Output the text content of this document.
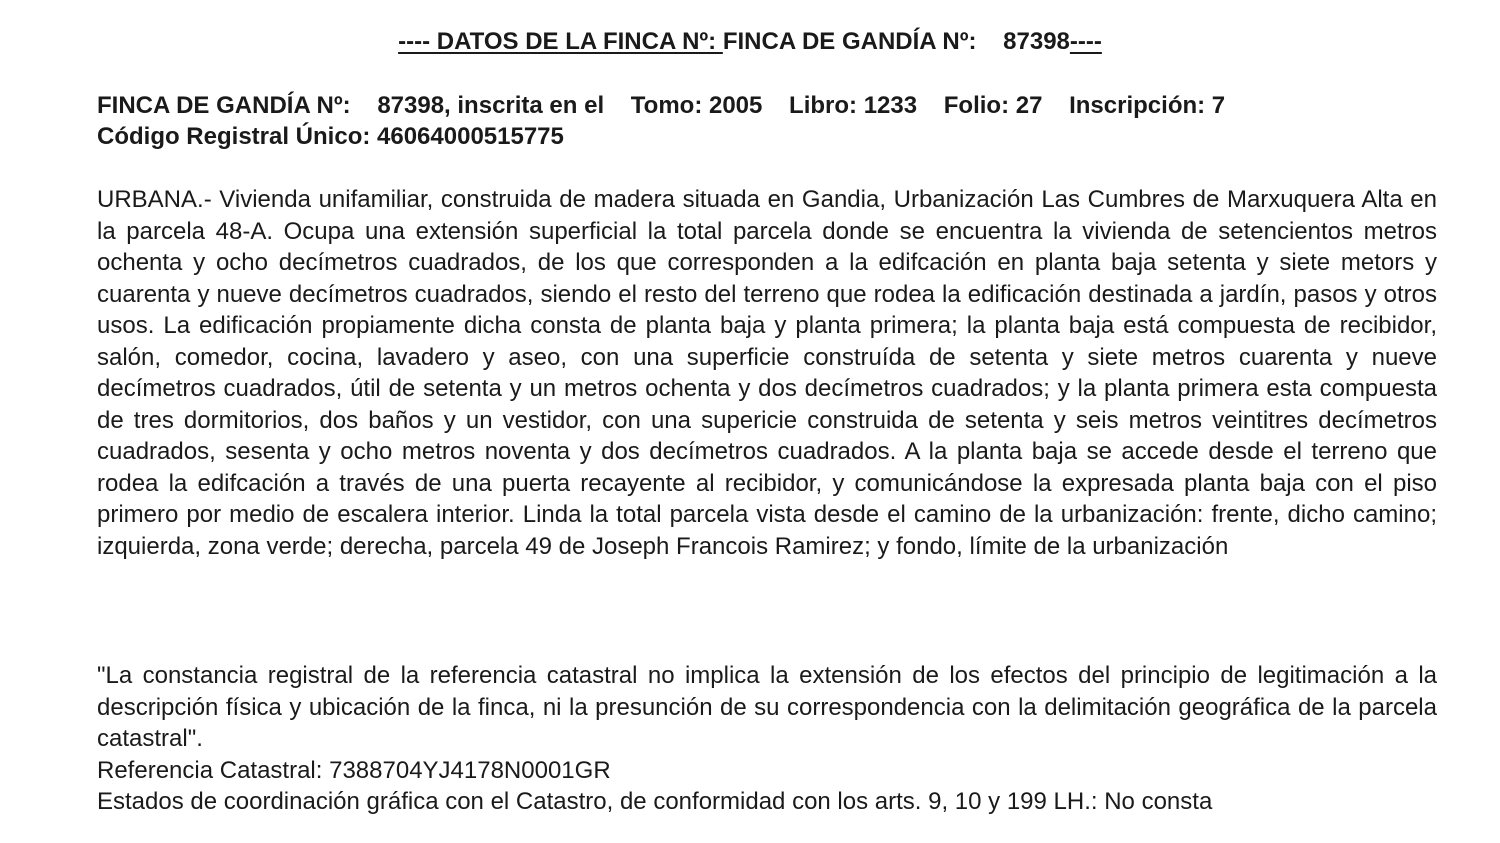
---- DATOS DE LA FINCA Nº: FINCA DE GANDÍA Nº:    87398----
FINCA DE GANDÍA Nº:    87398, inscrita en el    Tomo: 2005    Libro: 1233    Folio: 27    Inscripción: 7
Código Registral Único: 46064000515775
URBANA.- Vivienda unifamiliar, construida de madera situada en Gandia, Urbanización Las Cumbres de Marxuquera Alta en la parcela 48-A. Ocupa una extensión superficial la total parcela donde se encuentra la vivienda de setencientos metros ochenta y ocho decímetros cuadrados, de los que corresponden a la edifcación en planta baja setenta y siete metors y cuarenta y nueve decímetros cuadrados, siendo el resto del terreno que rodea la edificación destinada a jardín, pasos y otros usos. La edificación propiamente dicha consta de planta baja y planta primera; la planta baja está compuesta de recibidor, salón, comedor, cocina, lavadero y aseo, con una superficie construída de setenta y siete metros cuarenta y nueve decímetros cuadrados, útil de setenta y un metros ochenta y dos decímetros cuadrados; y la planta primera esta compuesta de tres dormitorios, dos baños y un vestidor, con una supericie construida de setenta y seis metros veintitres decímetros cuadrados, sesenta y ocho metros noventa y dos decímetros cuadrados. A la planta baja se accede desde el terreno que rodea la edifcación a través de una puerta recayente al recibidor, y comunicándose la expresada planta baja con el piso primero por medio de escalera interior. Linda la total parcela vista desde el camino de la urbanización: frente, dicho camino; izquierda, zona verde; derecha, parcela 49 de Joseph Francois Ramirez; y fondo, límite de la urbanización
"La constancia registral de la referencia catastral no implica la extensión de los efectos del principio de legitimación a la descripción física y ubicación de la finca, ni la presunción de su correspondencia con la delimitación geográfica de la parcela catastral".
Referencia Catastral: 7388704YJ4178N0001GR
Estados de coordinación gráfica con el Catastro, de conformidad con los arts. 9, 10 y 199 LH.: No consta
